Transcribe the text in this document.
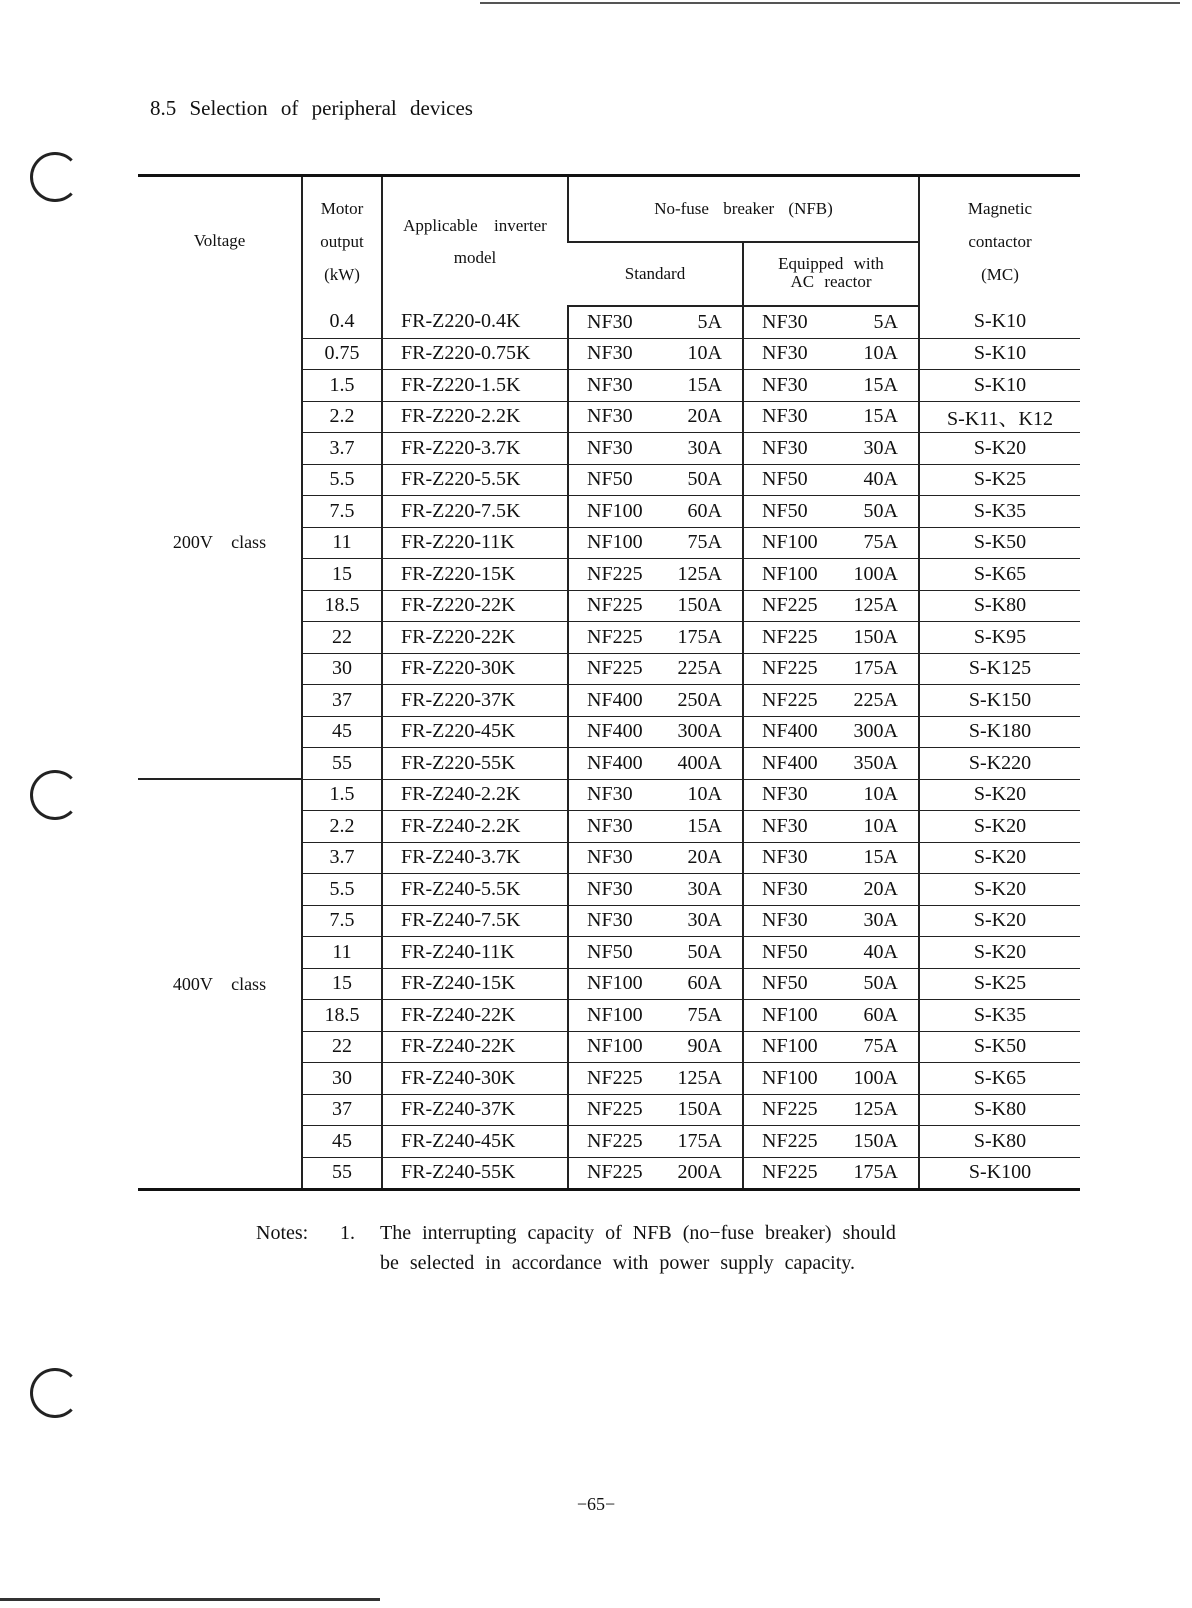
8.5 Selection of peripheral devices
Voltage	Motor output (kW)	Applicable inverter model	No-fuse breaker (NFB)		Magnetic contactor (MC)
			Standard	Equipped with AC reactor	
200V class	0.4	FR-Z220-0.4K	NF30 5A	NF30 5A	S-K10
	0.75	FR-Z220-0.75K	NF30 10A	NF30 10A	S-K10
	1.5	FR-Z220-1.5K	NF30 15A	NF30 15A	S-K10
	2.2	FR-Z220-2.2K	NF30 20A	NF30 15A	S-K11、K12
	3.7	FR-Z220-3.7K	NF30 30A	NF30 30A	S-K20
	5.5	FR-Z220-5.5K	NF50 50A	NF50 40A	S-K25
	7.5	FR-Z220-7.5K	NF100 60A	NF50 50A	S-K35
	11	FR-Z220-11K	NF100 75A	NF100 75A	S-K50
	15	FR-Z220-15K	NF225 125A	NF100 100A	S-K65
	18.5	FR-Z220-22K	NF225 150A	NF225 125A	S-K80
	22	FR-Z220-22K	NF225 175A	NF225 150A	S-K95
	30	FR-Z220-30K	NF225 225A	NF225 175A	S-K125
	37	FR-Z220-37K	NF400 250A	NF225 225A	S-K150
	45	FR-Z220-45K	NF400 300A	NF400 300A	S-K180
	55	FR-Z220-55K	NF400 400A	NF400 350A	S-K220
400V class	1.5	FR-Z240-2.2K	NF30 10A	NF30 10A	S-K20
	2.2	FR-Z240-2.2K	NF30 15A	NF30 10A	S-K20
	3.7	FR-Z240-3.7K	NF30 20A	NF30 15A	S-K20
	5.5	FR-Z240-5.5K	NF30 30A	NF30 20A	S-K20
	7.5	FR-Z240-7.5K	NF30 30A	NF30 30A	S-K20
	11	FR-Z240-11K	NF50 50A	NF50 40A	S-K20
	15	FR-Z240-15K	NF100 60A	NF50 50A	S-K25
	18.5	FR-Z240-22K	NF100 75A	NF100 60A	S-K35
	22	FR-Z240-22K	NF100 90A	NF100 75A	S-K50
	30	FR-Z240-30K	NF225 125A	NF100 100A	S-K65
	37	FR-Z240-37K	NF225 150A	NF225 125A	S-K80
	45	FR-Z240-45K	NF225 175A	NF225 150A	S-K80
	55	FR-Z240-55K	NF225 200A	NF225 175A	S-K100
Notes: 1. The interrupting capacity of NFB (no−fuse breaker) should
be selected in accordance with power supply capacity.
−65−
